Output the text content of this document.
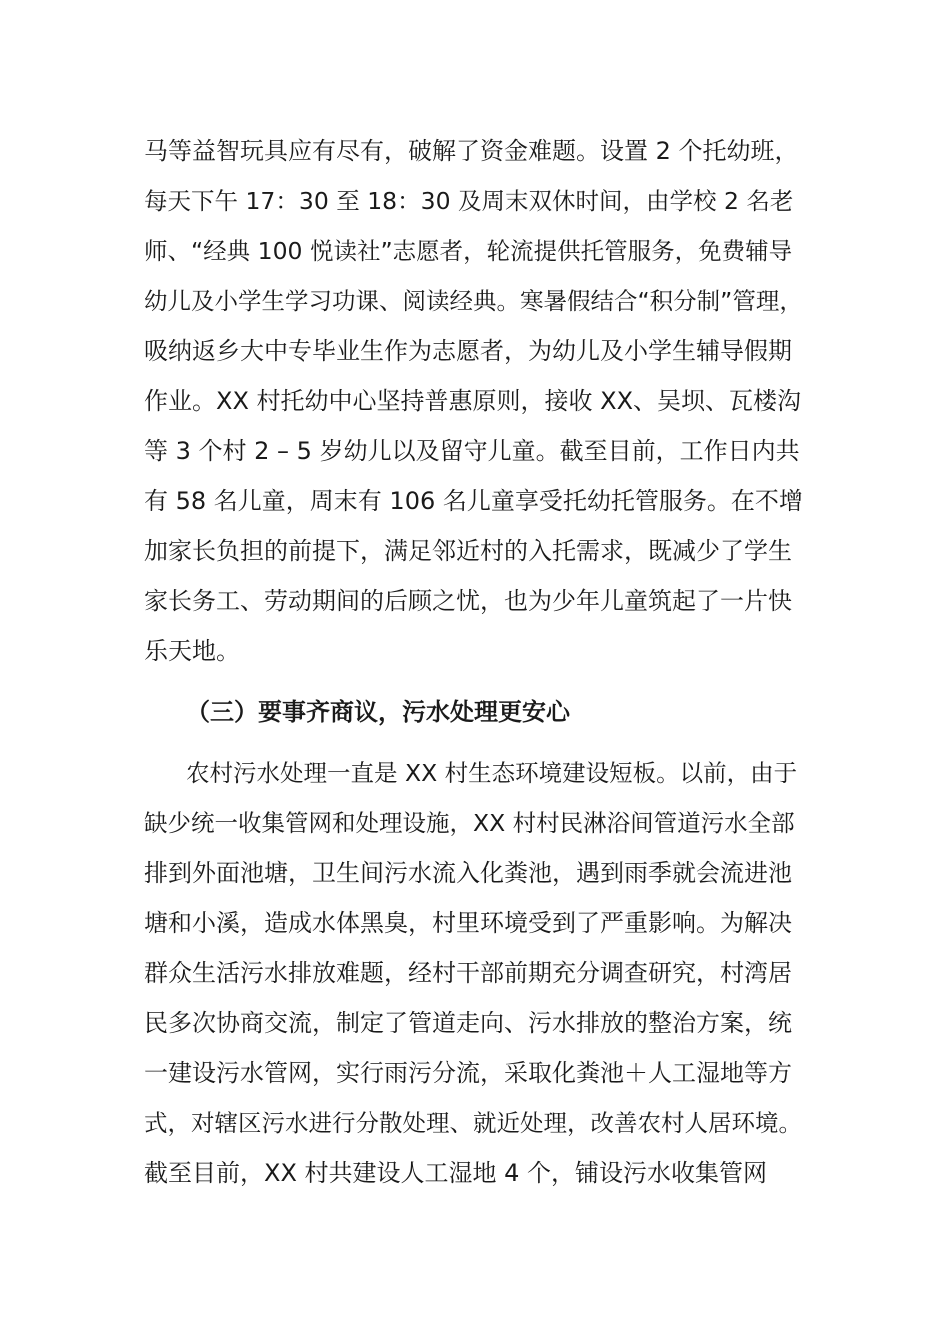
马等益智玩具应有尽有，破解了资金难题。设置 2 个托幼班，
每天下午 17：30 至 18：30 及周末双休时间，由学校 2 名老
师、“经典 100 悦读社”志愿者，轮流提供托管服务，免费辅导
幼儿及小学生学习功课、阅读经典。寒暑假结合“积分制”管理，
吸纳返乡大中专毕业生作为志愿者，为幼儿及小学生辅导假期
作业。XX 村托幼中心坚持普惠原则，接收 XX、吴坝、瓦楼沟
等 3 个村 2 – 5 岁幼儿以及留守儿童。截至目前，工作日内共
有 58 名儿童，周末有 106 名儿童享受托幼托管服务。在不增
加家长负担的前提下，满足邻近村的入托需求，既减少了学生
家长务工、劳动期间的后顾之忧，也为少年儿童筑起了一片快
乐天地。
（三）要事齐商议，污水处理更安心
农村污水处理一直是 XX 村生态环境建设短板。以前，由于
缺少统一收集管网和处理设施，XX 村村民淋浴间管道污水全部
排到外面池塘，卫生间污水流入化粪池，遇到雨季就会流进池
塘和小溪，造成水体黑臭，村里环境受到了严重影响。为解决
群众生活污水排放难题，经村干部前期充分调查研究，村湾居
民多次协商交流，制定了管道走向、污水排放的整治方案，统
一建设污水管网，实行雨污分流，采取化粪池＋人工湿地等方
式，对辖区污水进行分散处理、就近处理，改善农村人居环境。
截至目前，XX 村共建设人工湿地 4 个，铺设污水收集管网
